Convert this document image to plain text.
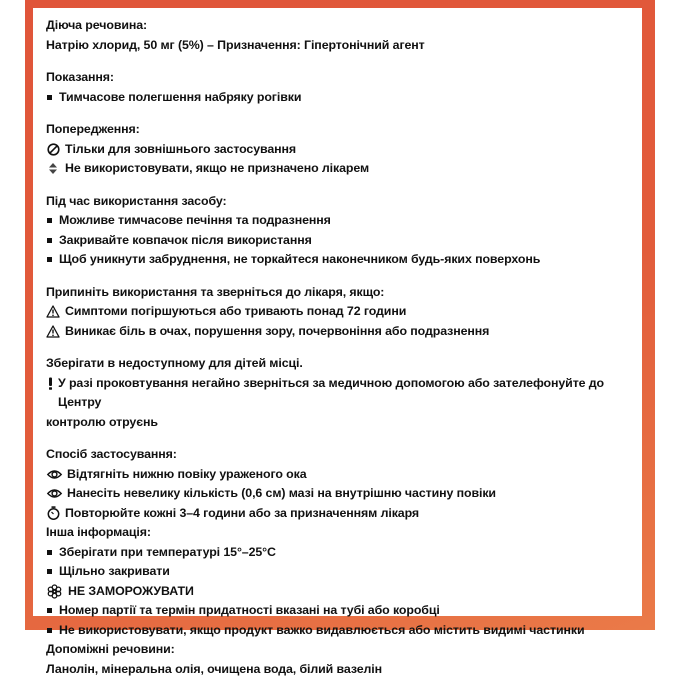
Діюча речовина:
Натрію хлорид, 50 мг (5%) – Призначення: Гіпертонічний агент
Показання:
Тимчасове полегшення набряку рогівки
Попередження:
Тільки для зовнішнього застосування
Не використовувати, якщо не призначено лікарем
Під час використання засобу:
Можливе тимчасове печіння та подразнення
Закривайте ковпачок після використання
Щоб уникнути забруднення, не торкайтеся наконечником будь-яких поверхонь
Припиніть використання та зверніться до лікаря, якщо:
Симптоми погіршуються або тривають понад 72 години
Виникає біль в очах, порушення зору, почервоніння або подразнення
Зберігати в недоступному для дітей місці.
У разі проковтування негайно зверніться за медичною допомогою або зателефонуйте до Центру
контролю отруєнь
Спосіб застосування:
Відтягніть нижню повіку ураженого ока
Нанесіть невелику кількість (0,6 см) мазі на внутрішню частину повіки
Повторюйте кожні 3–4 години або за призначенням лікаря
Інша інформація:
Зберігати при температурі 15°–25°C
Щільно закривати
НЕ ЗАМОРОЖУВАТИ
Номер партії та термін придатності вказані на тубі або коробці
Не використовувати, якщо продукт важко видавлюється або містить видимі частинки
Допоміжні речовини:
Ланолін, мінеральна олія, очищена вода, білий вазелін
